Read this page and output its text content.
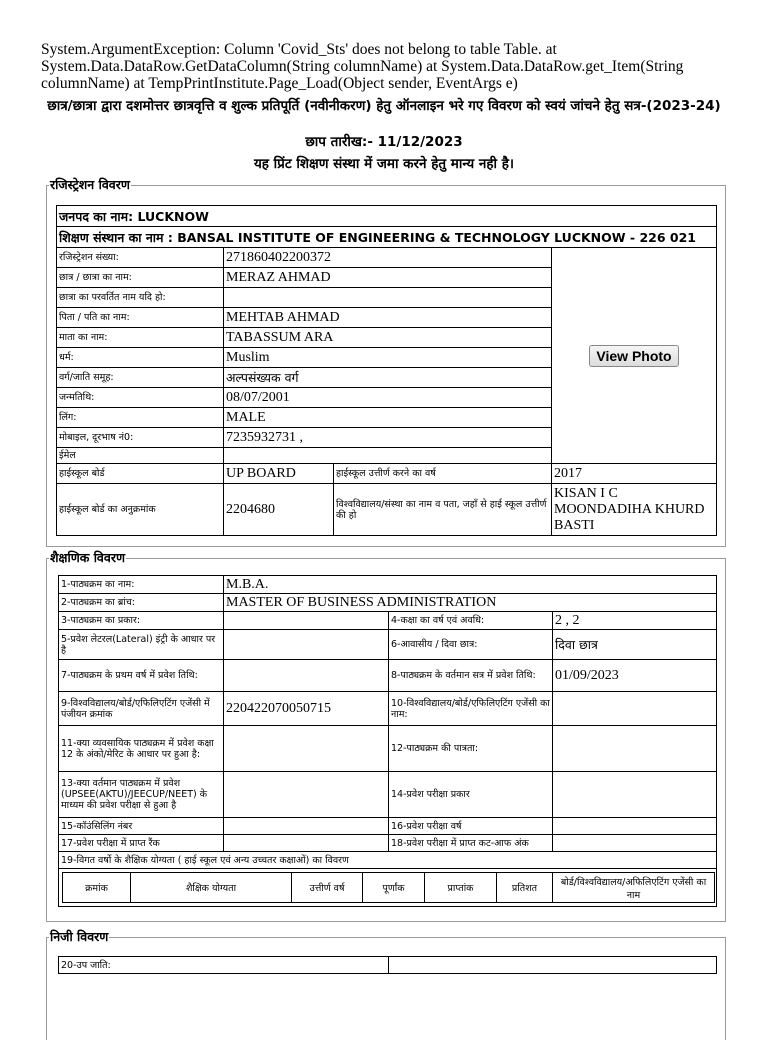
System.ArgumentException: Column 'Covid_Sts' does not belong to table Table. at System.Data.DataRow.GetDataColumn(String columnName) at System.Data.DataRow.get_Item(String columnName) at TempPrintInstitute.Page_Load(Object sender, EventArgs e)
छात्र/छात्रा द्वारा दशमोत्तर छात्रवृत्ति व शुल्क प्रतिपूर्ति (नवीनीकरण) हेतु ऑनलाइन भरे गए विवरण को स्वयं जांचने हेतु सत्र-(2023-24)
छाप तारीख:- 11/12/2023
यह प्रिंट शिक्षण संस्था में जमा करने हेतु मान्य नही है।
रजिस्ट्रेशन विवरण
जनपद का नाम: LUCKNOW			
शिक्षण संस्थान का नाम : BANSAL INSTITUTE OF ENGINEERING & TECHNOLOGY LUCKNOW - 226 021			
रजिस्ट्रेशन संख्या:	271860402200372		View Photo
छात्र / छात्रा का नाम:	MERAZ AHMAD		
छात्रा का परवर्तित नाम यदि हो:			
पिता / पति का नाम:	MEHTAB AHMAD		
माता का नाम:	TABASSUM ARA		
धर्म:	Muslim		
वर्ग/जाति समूह:	अल्पसंख्यक वर्ग		
जन्मतिथि:	08/07/2001		
लिंग:	MALE		
मोबाइल, दूरभाष नं0:	7235932731 ,		
ईमेल			
हाईस्कूल बोर्ड	UP BOARD	हाईस्कूल उत्तीर्ण करने का वर्ष	2017
हाईस्कूल बोर्ड का अनुक्रमांक	2204680	विश्वविद्यालय/संस्था का नाम व पता, जहाँ से हाई स्कूल उत्तीर्ण की हो	KISAN I C MOONDADIHA KHURD BASTI
शैक्षणिक विवरण
1-पाठ्यक्रम का नाम:	M.B.A.
2-पाठ्यक्रम का ब्रांच:	MASTER OF BUSINESS ADMINISTRATION
3-पाठ्यक्रम का प्रकार:		4-कक्षा का वर्ष एवं अवधि:	2 , 2
5-प्रवेश लेटरल(Lateral) इंट्री के आधार पर है		6-आवासीय / दिवा छात्र:	दिवा छात्र
7-पाठ्यक्रम के प्रथम वर्ष में प्रवेश तिथि:		8-पाठ्यक्रम के वर्तमान सत्र में प्रवेश तिथि:	01/09/2023
9-विश्वविद्यालय/बोर्ड/एफिलिएटिंग एजेंसी में पंजीयन क्रमांक	220422070050715	10-विश्वविद्यालय/बोर्ड/एफिलिएटिंग एजेंसी का नाम:	
11-क्या व्यवसायिक पाठ्यक्रम में प्रवेश कक्षा 12 के अंको/मेरिट के आधार पर हुआ है:		12-पाठ्यक्रम की पात्रता:	
13-क्या वर्तमान पाठ्यक्रम में प्रवेश (UPSEE(AKTU)/JEECUP/NEET) के माध्यम की प्रवेश परीक्षा से हुआ है		14-प्रवेश परीक्षा प्रकार	
15-कॉउंसिलिंग नंबर		16-प्रवेश परीक्षा वर्ष	
17-प्रवेश परीक्षा में प्राप्त रैंक		18-प्रवेश परीक्षा में प्राप्त कट-आफ अंक	
19-विगत वर्षो के शैक्षिक योग्यता ( हाई स्कूल एवं अन्य उच्चतर कक्षाओं) का विवरण

क्रमांक	शैक्षिक योग्यता	उत्तीर्ण वर्ष	पूर्णांक	प्राप्तांक	प्रतिशत	बोर्ड/विश्वविद्यालय/अफिलिएटिंग एजेंसी का नाम
निजी विवरण
20-उप जाति:	
